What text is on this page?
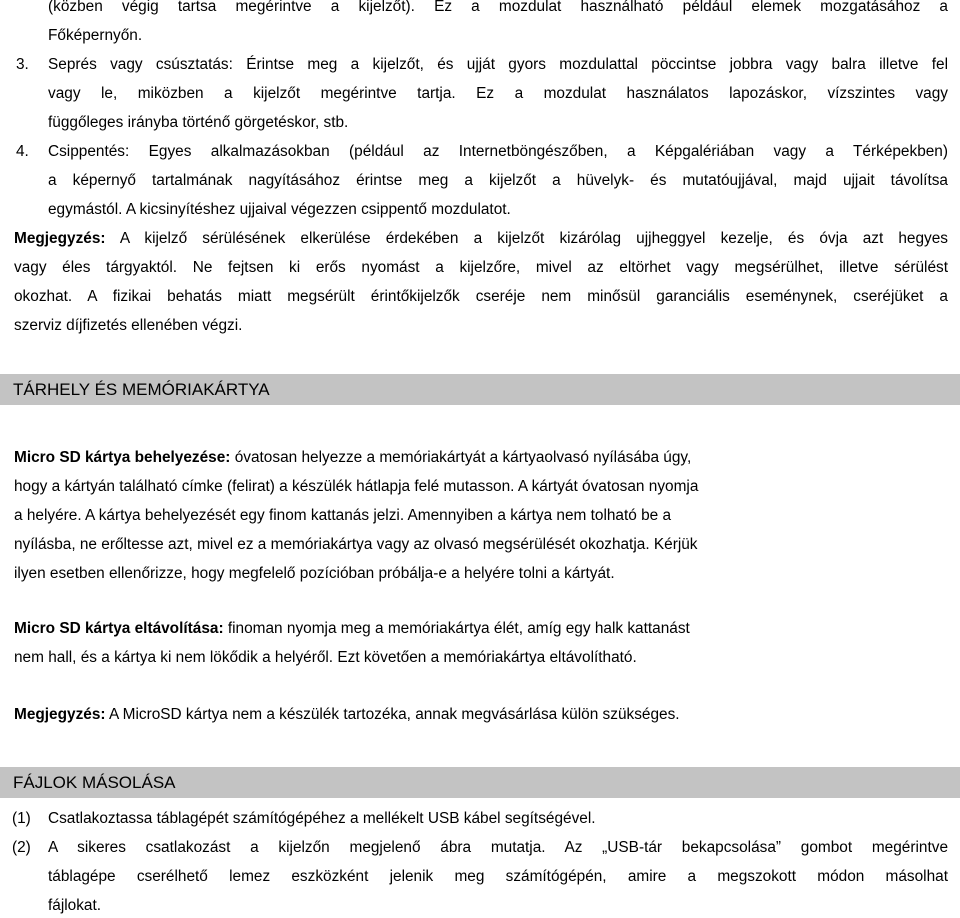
(közben végig tartsa megérintve a kijelzőt). Ez a mozdulat használható például elemek mozgatásához a
Főképernyőn.
3. Seprés vagy csúsztatás: Érintse meg a kijelzőt, és ujját gyors mozdulattal pöccintse jobbra vagy balra illetve fel
vagy le, miközben a kijelzőt megérintve tartja. Ez a mozdulat használatos lapozáskor, vízszintes vagy
függőleges irányba történő görgetéskor, stb.
4. Csippentés: Egyes alkalmazásokban (például az Internetböngészőben, a Képgalériában vagy a Térképekben)
a képernyő tartalmának nagyításához érintse meg a kijelzőt a hüvelyk- és mutatóujjával, majd ujjait távolítsa
egymástól. A kicsinyítéshez ujjaival végezzen csippentő mozdulatot.
Megjegyzés: A kijelző sérülésének elkerülése érdekében a kijelzőt kizárólag ujjheggyel kezelje, és óvja azt hegyes
vagy éles tárgyaktól. Ne fejtsen ki erős nyomást a kijelzőre, mivel az eltörhet vagy megsérülhet, illetve sérülést
okozhat. A fizikai behatás miatt megsérült érintőkijelzők cseréje nem minősül garanciális eseménynek, cseréjüket a
szerviz díjfizetés ellenében végzi.
TÁRHELY ÉS MEMÓRIAKÁRTYA
Micro SD kártya behelyezése: óvatosan helyezze a memóriakártyát a kártyaolvasó nyílásába úgy,
hogy a kártyán található címke (felirat) a készülék hátlapja felé mutasson. A kártyát óvatosan nyomja
a helyére. A kártya behelyezését egy finom kattanás jelzi. Amennyiben a kártya nem tolható be a
nyílásba, ne erőltesse azt, mivel ez a memóriakártya vagy az olvasó megsérülését okozhatja. Kérjük
ilyen esetben ellenőrizze, hogy megfelelő pozícióban próbálja-e a helyére tolni a kártyát.
Micro SD kártya eltávolítása: finoman nyomja meg a memóriakártya élét, amíg egy halk kattanást
nem hall, és a kártya ki nem lökődik a helyéről. Ezt követően a memóriakártya eltávolítható.
Megjegyzés: A MicroSD kártya nem a készülék tartozéka, annak megvásárlása külön szükséges.
FÁJLOK MÁSOLÁSA
(1) Csatlakoztassa táblagépét számítógépéhez a mellékelt USB kábel segítségével.
(2) A sikeres csatlakozást a kijelzőn megjelenő ábra mutatja. Az „USB-tár bekapcsolása” gombot megérintve
táblagépe cserélhető lemez eszközként jelenik meg számítógépén, amire a megszokott módon másolhat
fájlokat.
